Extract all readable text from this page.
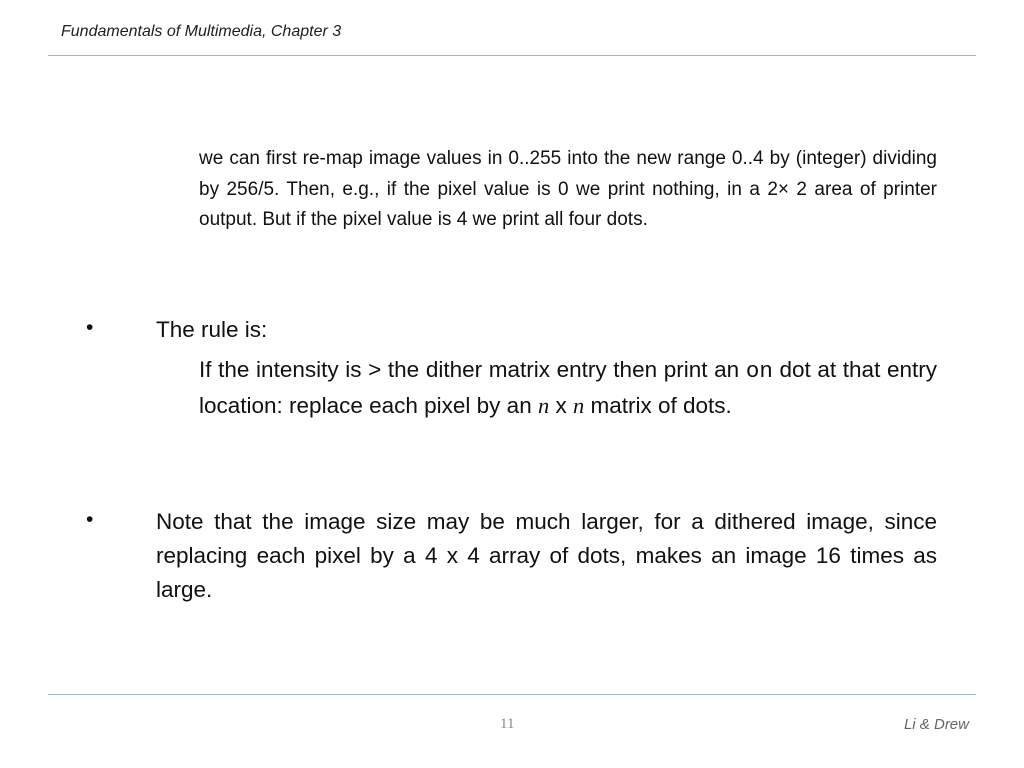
Fundamentals of Multimedia, Chapter 3
we can first re-map image values in 0..255 into the new range 0..4 by (integer) dividing by 256/5. Then, e.g., if the pixel value is 0 we print nothing, in a 2× 2 area of printer output. But if the pixel value is 4 we print all four dots.
•	The rule is:
If the intensity is > the dither matrix entry then print an on dot at that entry location: replace each pixel by an n x n matrix of dots.
•	Note that the image size may be much larger, for a dithered image, since replacing each pixel by a 4 x 4 array of dots, makes an image 16 times as large.
11	Li & Drew
